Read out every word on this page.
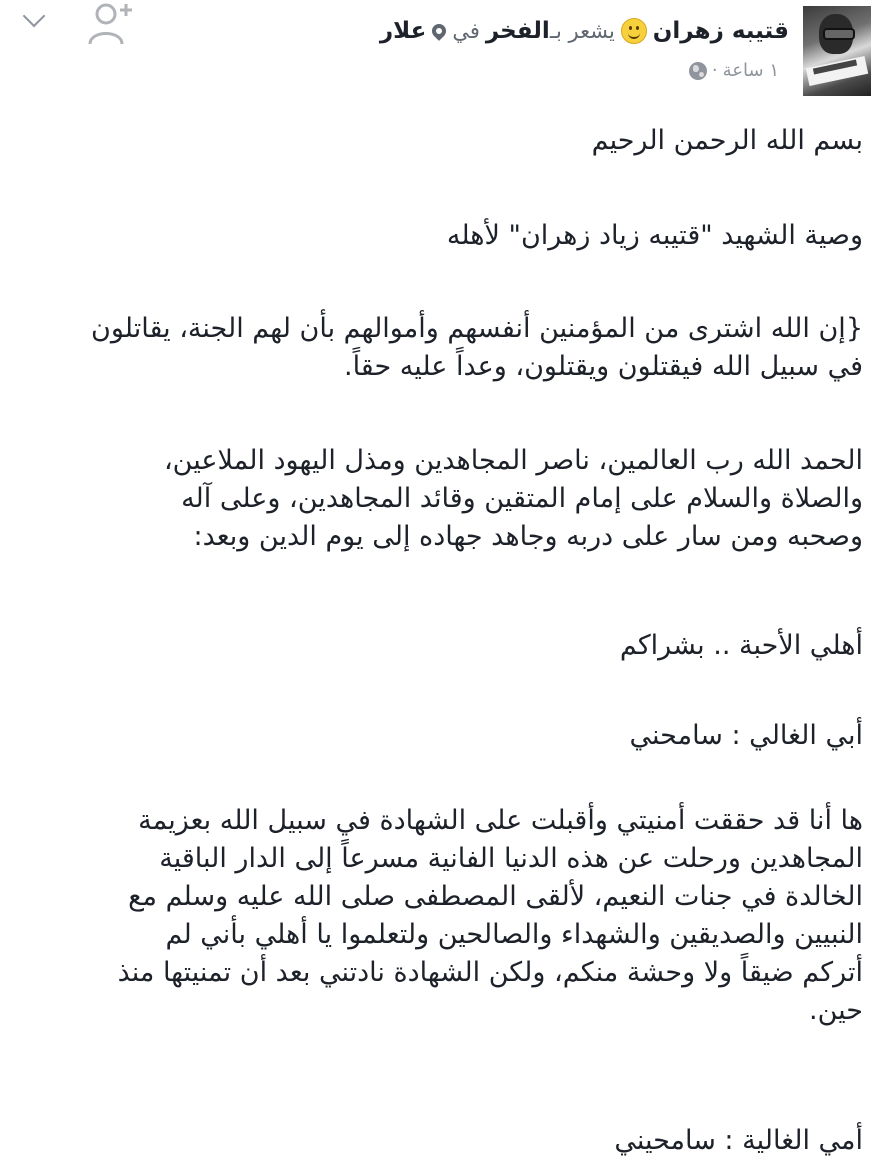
قتيبه زهران
يشعر بـ
الفخر
في
علار
١ ساعة
·

بسم الله الرحمن الرحيم

وصية الشهيد "قتيبه زياد زهران" لأهله

{إن الله اشترى من المؤمنين أنفسهم وأموالهم بأن لهم الجنة، يقاتلون
في سبيل الله فيقتلون ويقتلون، وعداً عليه حقاً.
الحمد الله رب العالمين، ناصر المجاهدين ومذل اليهود الملاعين،
والصلاة والسلام على إمام المتقين وقائد المجاهدين، وعلى آله
وصحبه ومن سار على دربه وجاهد جهاده إلى يوم الدين وبعد:

أهلي الأحبة .. بشراكم

أبي الغالي : سامحني

ها أنا قد حققت أمنيتي وأقبلت على الشهادة في سبيل الله بعزيمة
المجاهدين ورحلت عن هذه الدنيا الفانية مسرعاً إلى الدار الباقية
الخالدة في جنات النعيم، لألقى المصطفى صلى الله عليه وسلم مع
النبيين والصديقين والشهداء والصالحين ولتعلموا يا أهلي بأني لم
أتركم ضيقاً ولا وحشة منكم، ولكن الشهادة نادتني بعد أن تمنيتها منذ
حين.

أمي الغالية : سامحيني
